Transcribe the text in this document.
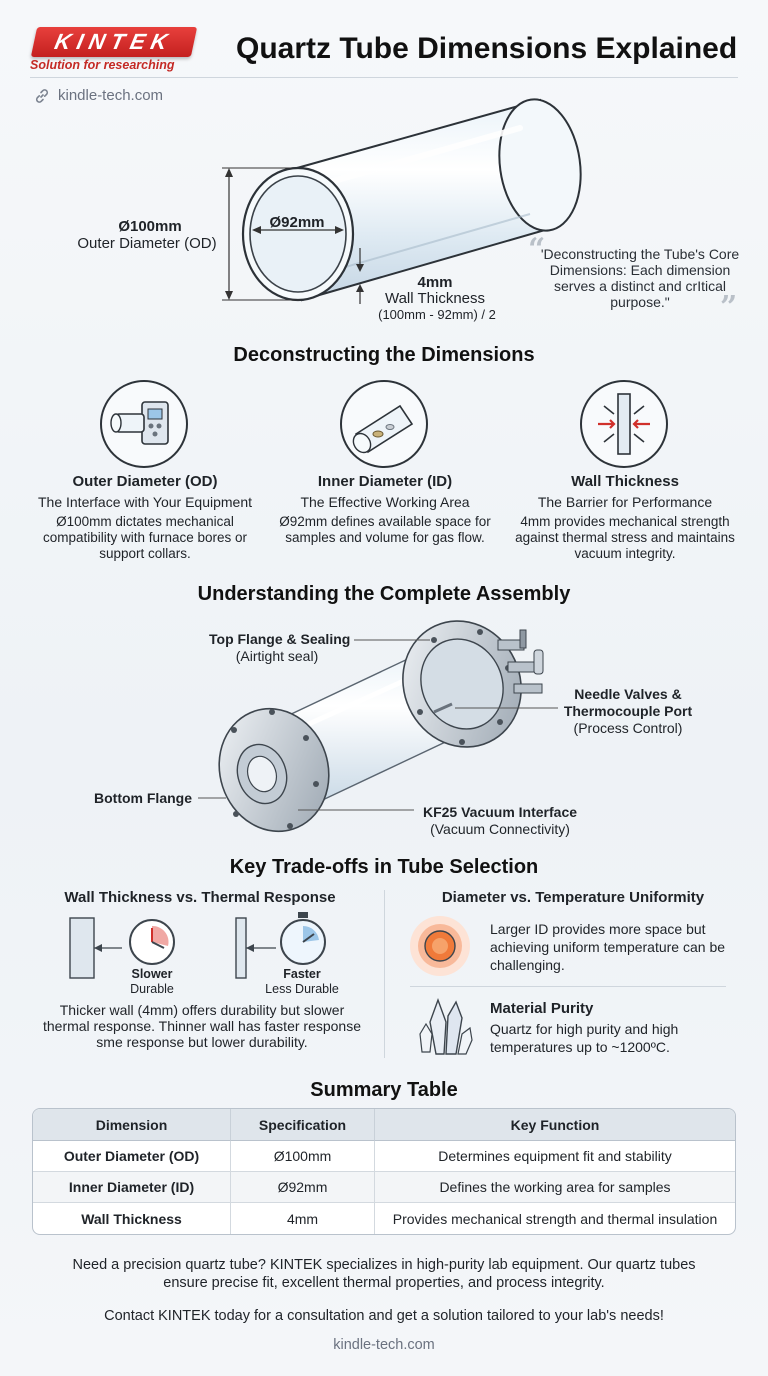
KINTEK
Solution for researching Quartz Tube Dimensions Explained
kindle-tech.com
Ø100mm
Outer Diameter (OD)
Ø92mm
4mm
Wall Thickness
(100mm - 92mm) / 2
“
'Deconstructing the Tube's Core Dimensions: Each dimension serves a distinct and crItical purpose."	”
Deconstructing the Dimensions
Outer Diameter (OD)
The Interface with Your Equipment
Ø100mm dictates mechanical compatibility with furnace bores or support collars.
Inner Diameter (ID)
The Effective Working Area
Ø92mm defines available space for samples and volume for gas flow.
Wall Thickness
The Barrier for Performance
4mm provides mechanical strength against thermal stress and maintains vacuum integrity.
Understanding the Complete Assembly
Top Flange & Sealing
(Airtight seal)
Needle Valves &
Thermocouple Port
(Process Control)
Bottom Flange
KF25 Vacuum Interface
(Vacuum Connectivity)
Key Trade-offs in Tube Selection
Wall Thickness vs. Thermal Response
Slower
Durable
Faster
Less Durable
Thicker wall (4mm) offers durability but slower thermal response. Thinner wall has faster response sme response but lower durability.
Diameter vs. Temperature Uniformity
Larger ID provides more space but achieving uniform temperature can be challenging.
Material Purity
Quartz for high purity and high temperatures up to ~1200ºC.
Summary Table
Dimension	Specification	Key Function
Outer Diameter (OD)	Ø100mm	Determines equipment fit and stability
Inner Diameter (ID)	Ø92mm	Defines the working area for samples
Wall Thickness	4mm	Provides mechanical strength and thermal insulation
Need a precision quartz tube? KINTEK specializes in high-purity lab equipment. Our quartz tubes ensure precise fit, excellent thermal properties, and process integrity.
Contact KINTEK today for a consultation and get a solution tailored to your lab's needs!
kindle-tech.com
